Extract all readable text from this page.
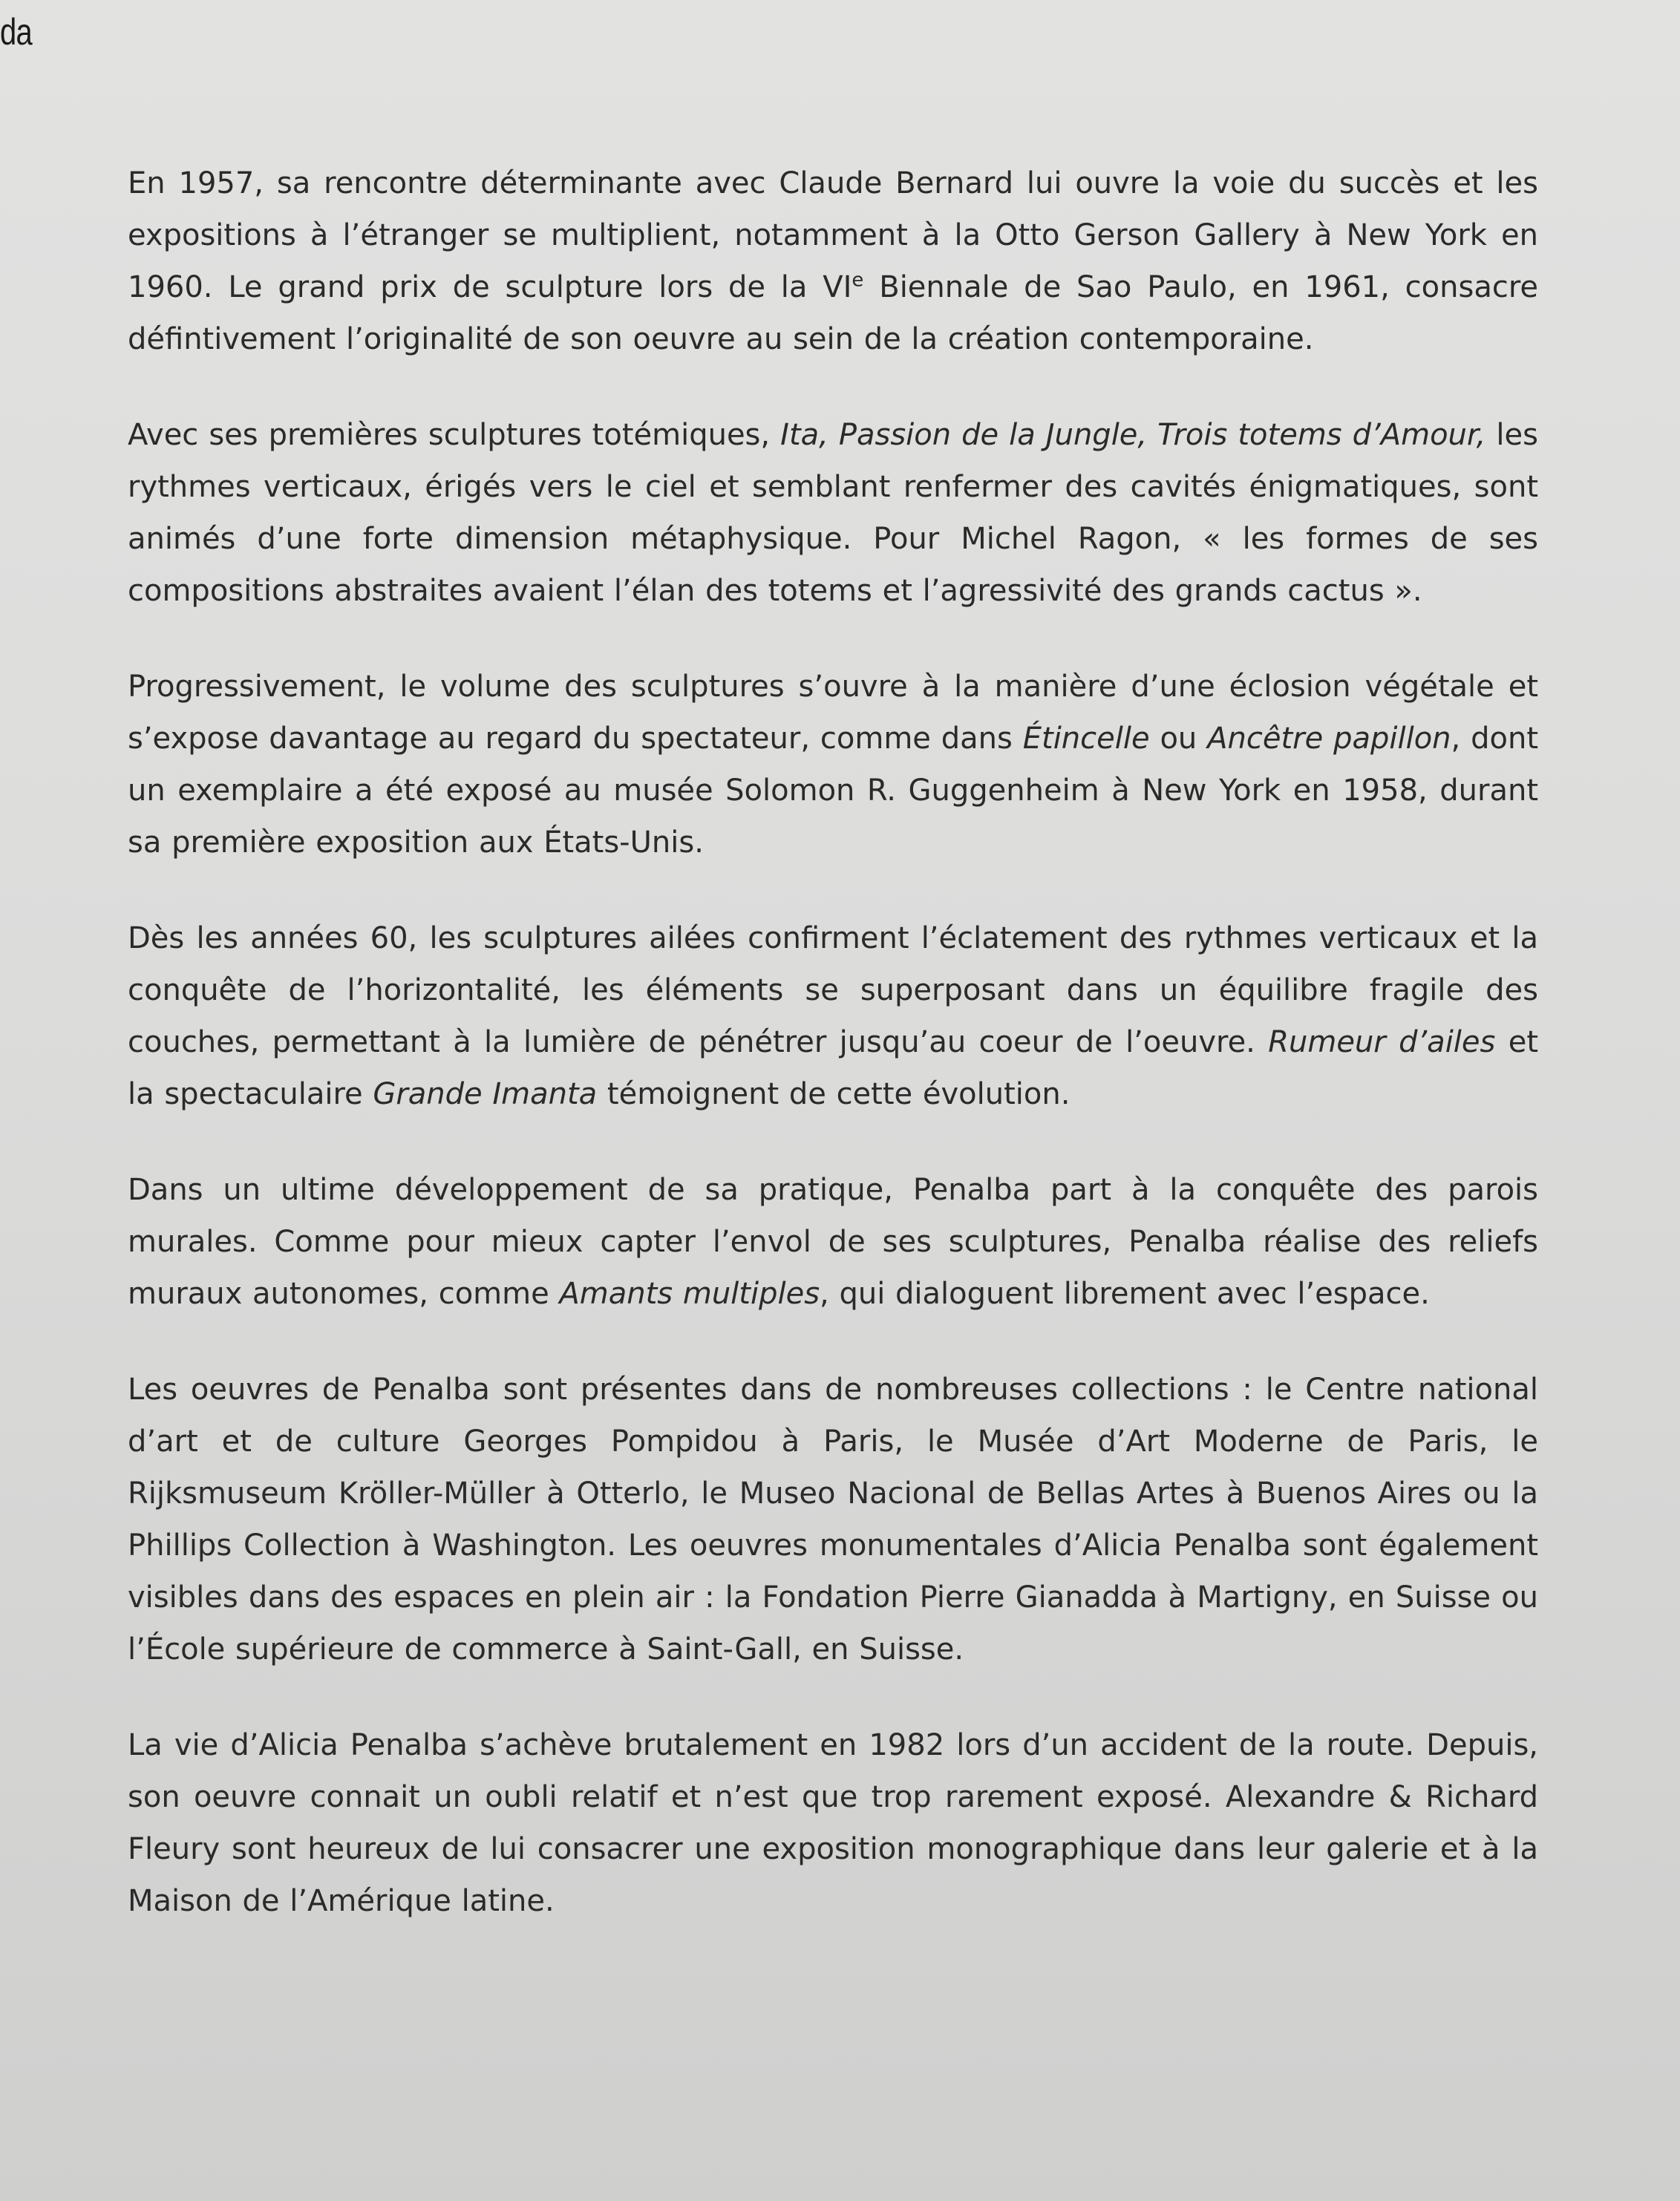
da

En 1957, sa rencontre déterminante avec Claude Bernard lui ouvre la voie du succès et les expositions à l’étranger se multiplient, notamment à la Otto Gerson Gallery à New York en 1960. Le grand prix de sculpture lors de la VIe Biennale de Sao Paulo, en 1961, consacre défintivement l’originalité de son oeuvre au sein de la création contemporaine.

Avec ses premières sculptures totémiques, Ita, Passion de la Jungle, Trois totems d’Amour, les rythmes verticaux, érigés vers le ciel et semblant renfermer des cavités énigmatiques, sont animés d’une forte dimension métaphysique. Pour Michel Ragon, « les formes de ses compositions abstraites avaient l’élan des totems et l’agressivité des grands cactus ».

Progressivement, le volume des sculptures s’ouvre à la manière d’une éclosion végétale et s’expose davantage au regard du spectateur, comme dans Étincelle ou Ancêtre papillon, dont un exemplaire a été exposé au musée Solomon R. Guggenheim à New York en 1958, durant sa première exposition aux États-Unis.

Dès les années 60, les sculptures ailées confirment l’éclatement des rythmes verticaux et la conquête de l’horizontalité, les éléments se superposant dans un équilibre fragile des couches, permettant à la lumière de pénétrer jusqu’au coeur de l’oeuvre. Rumeur d’ailes et la spectaculaire Grande Imanta témoignent de cette évolution.

Dans un ultime développement de sa pratique, Penalba part à la conquête des parois murales. Comme pour mieux capter l’envol de ses sculptures, Penalba réalise des reliefs muraux autonomes, comme Amants multiples, qui dialoguent librement avec l’espace.

Les oeuvres de Penalba sont présentes dans de nombreuses collections : le Centre national d’art et de culture Georges Pompidou à Paris, le Musée d’Art Moderne de Paris, le Rijksmuseum Kröller-Müller à Otterlo, le Museo Nacional de Bellas Artes à Buenos Aires ou la Phillips Collection à Washington. Les oeuvres monumentales d’Alicia Penalba sont également visibles dans des espaces en plein air : la Fondation Pierre Gianadda à Martigny, en Suisse ou l’École supérieure de commerce à Saint-Gall, en Suisse.

La vie d’Alicia Penalba s’achève brutalement en 1982 lors d’un accident de la route. Depuis, son oeuvre connait un oubli relatif et n’est que trop rarement exposé. Alexandre & Richard Fleury sont heureux de lui consacrer une exposition monographique dans leur galerie et à la Maison de l’Amérique latine.
